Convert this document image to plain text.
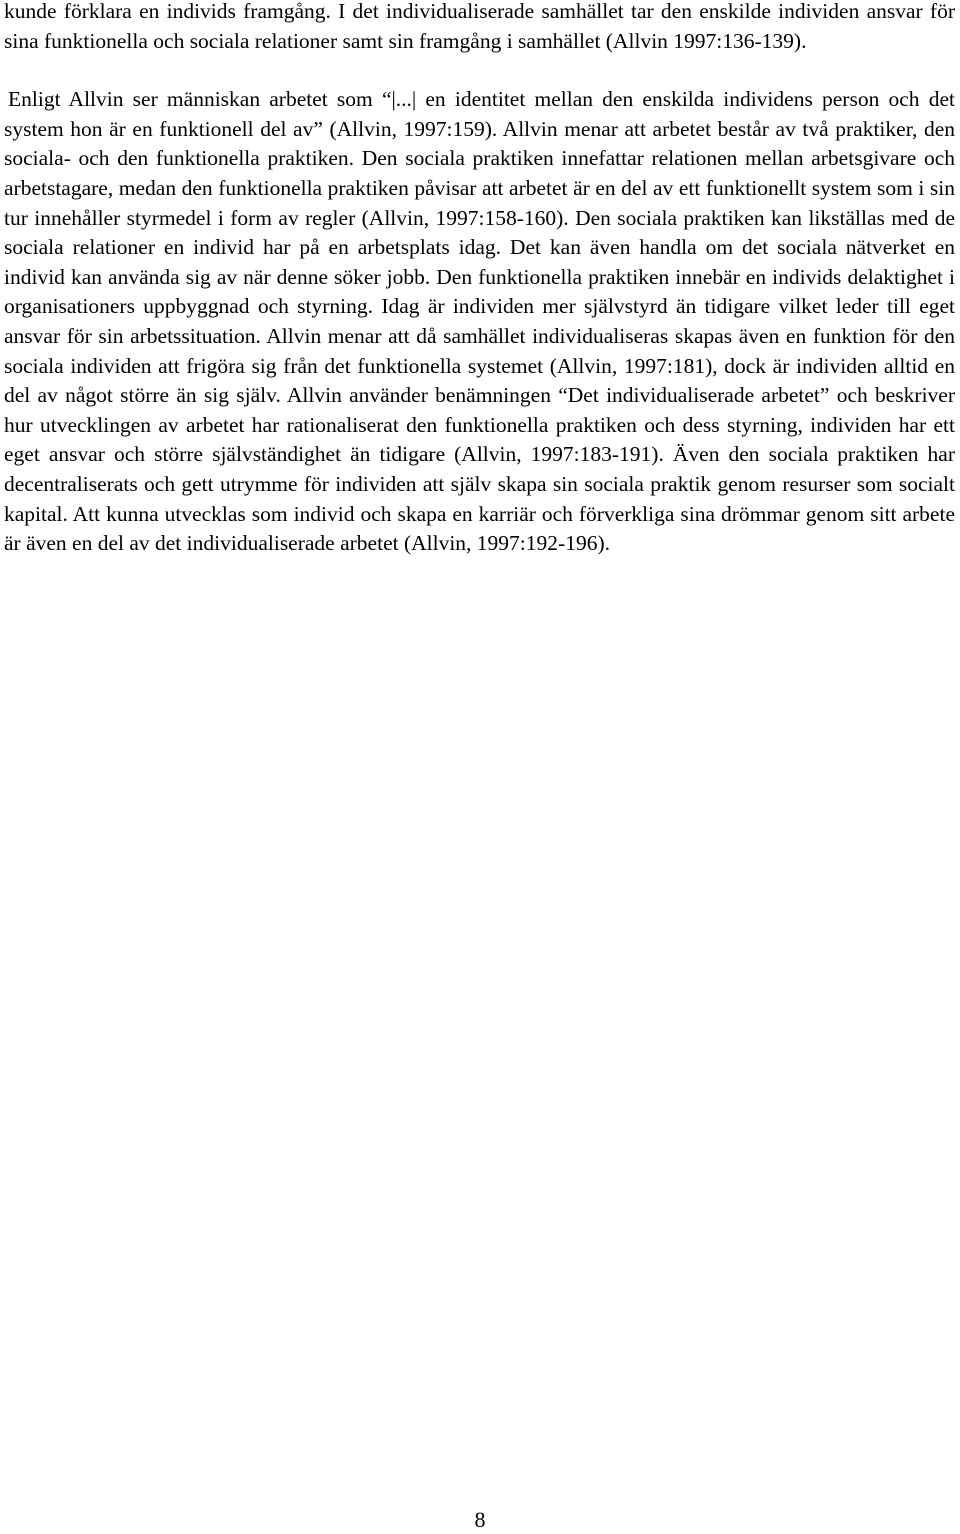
kunde förklara en individs framgång. I det individualiserade samhället tar den enskilde individen ansvar för sina funktionella och sociala relationer samt sin framgång i samhället (Allvin 1997:136-139).

Enligt Allvin ser människan arbetet som “|...| en identitet mellan den enskilda individens person och det system hon är en funktionell del av” (Allvin, 1997:159). Allvin menar att arbetet består av två praktiker, den sociala- och den funktionella praktiken. Den sociala praktiken innefattar relationen mellan arbetsgivare och arbetstagare, medan den funktionella praktiken påvisar att arbetet är en del av ett funktionellt system som i sin tur innehåller styrmedel i form av regler (Allvin, 1997:158-160). Den sociala praktiken kan likställas med de sociala relationer en individ har på en arbetsplats idag. Det kan även handla om det sociala nätverket en individ kan använda sig av när denne söker jobb. Den funktionella praktiken innebär en individs delaktighet i organisationers uppbyggnad och styrning. Idag är individen mer självstyrd än tidigare vilket leder till eget ansvar för sin arbetssituation. Allvin menar att då samhället individualiseras skapas även en funktion för den sociala individen att frigöra sig från det funktionella systemet (Allvin, 1997:181), dock är individen alltid en del av något större än sig själv. Allvin använder benämningen “Det individualiserade arbetet” och beskriver hur utvecklingen av arbetet har rationaliserat den funktionella praktiken och dess styrning, individen har ett eget ansvar och större självständighet än tidigare (Allvin, 1997:183-191). Även den sociala praktiken har decentraliserats och gett utrymme för individen att själv skapa sin sociala praktik genom resurser som socialt kapital. Att kunna utvecklas som individ och skapa en karriär och förverkliga sina drömmar genom sitt arbete är även en del av det individualiserade arbetet (Allvin, 1997:192-196).

8
